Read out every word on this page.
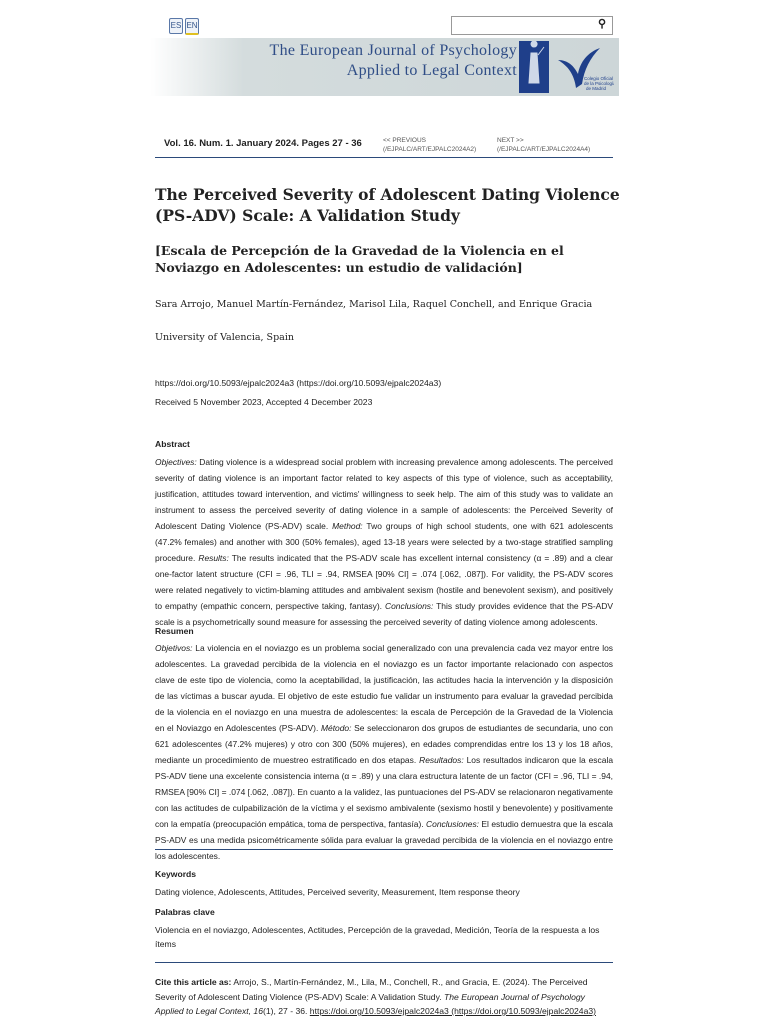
ES EN	⚲
The European Journal of Psychology
Applied to Legal Context	Colegio Oficial
de la Psicología
de Madrid
Vol. 16. Num. 1. January 2024. Pages 27 - 36	<< PREVIOUS
(/EJPALC/ART/EJPALC2024A2)
NEXT >>
(/EJPALC/ART/EJPALC2024A4)
The Perceived Severity of Adolescent Dating Violence (PS-ADV) Scale: A Validation Study
[Escala de Percepción de la Gravedad de la Violencia en el Noviazgo en Adolescentes: un estudio de validación]
Sara Arrojo, Manuel Martín-Fernández, Marisol Lila, Raquel Conchell, and Enrique Gracia
University of Valencia, Spain
https://doi.org/10.5093/ejpalc2024a3 (https://doi.org/10.5093/ejpalc2024a3)
Received 5 November 2023, Accepted 4 December 2023
Abstract
Objectives: Dating violence is a widespread social problem with increasing prevalence among adolescents. The perceived severity of dating violence is an important factor related to key aspects of this type of violence, such as acceptability, justification, attitudes toward intervention, and victims' willingness to seek help. The aim of this study was to validate an instrument to assess the perceived severity of dating violence in a sample of adolescents: the Perceived Severity of Adolescent Dating Violence (PS-ADV) scale. Method: Two groups of high school students, one with 621 adolescents (47.2% females) and another with 300 (50% females), aged 13-18 years were selected by a two-stage stratified sampling procedure. Results: The results indicated that the PS-ADV scale has excellent internal consistency (α = .89) and a clear one-factor latent structure (CFI = .96, TLI = .94, RMSEA [90% CI] = .074 [.062, .087]). For validity, the PS-ADV scores were related negatively to victim-blaming attitudes and ambivalent sexism (hostile and benevolent sexism), and positively to empathy (empathic concern, perspective taking, fantasy). Conclusions: This study provides evidence that the PS-ADV scale is a psychometrically sound measure for assessing the perceived severity of dating violence among adolescents.
Resumen
Objetivos: La violencia en el noviazgo es un problema social generalizado con una prevalencia cada vez mayor entre los adolescentes. La gravedad percibida de la violencia en el noviazgo es un factor importante relacionado con aspectos clave de este tipo de violencia, como la aceptabilidad, la justificación, las actitudes hacia la intervención y la disposición de las víctimas a buscar ayuda. El objetivo de este estudio fue validar un instrumento para evaluar la gravedad percibida de la violencia en el noviazgo en una muestra de adolescentes: la escala de Percepción de la Gravedad de la Violencia en el Noviazgo en Adolescentes (PS-ADV). Método: Se seleccionaron dos grupos de estudiantes de secundaria, uno con 621 adolescentes (47.2% mujeres) y otro con 300 (50% mujeres), en edades comprendidas entre los 13 y los 18 años, mediante un procedimiento de muestreo estratificado en dos etapas. Resultados: Los resultados indicaron que la escala PS-ADV tiene una excelente consistencia interna (α = .89) y una clara estructura latente de un factor (CFI = .96, TLI = .94, RMSEA [90% CI] = .074 [.062, .087]). En cuanto a la validez, las puntuaciones del PS-ADV se relacionaron negativamente con las actitudes de culpabilización de la víctima y el sexismo ambivalente (sexismo hostil y benevolente) y positivamente con la empatía (preocupación empática, toma de perspectiva, fantasía). Conclusiones: El estudio demuestra que la escala PS-ADV es una medida psicométricamente sólida para evaluar la gravedad percibida de la violencia en el noviazgo entre los adolescentes.
Keywords
Dating violence, Adolescents, Attitudes, Perceived severity, Measurement, Item response theory
Palabras clave
Violencia en el noviazgo, Adolescentes, Actitudes, Percepción de la gravedad, Medición, Teoría de la respuesta a los ítems
Cite this article as: Arrojo, S., Martín-Fernández, M., Lila, M., Conchell, R., and Gracia, E. (2024). The Perceived Severity of Adolescent Dating Violence (PS-ADV) Scale: A Validation Study. The European Journal of Psychology Applied to Legal Context, 16(1), 27 - 36. https://doi.org/10.5093/ejpalc2024a3 (https://doi.org/10.5093/ejpalc2024a3)
